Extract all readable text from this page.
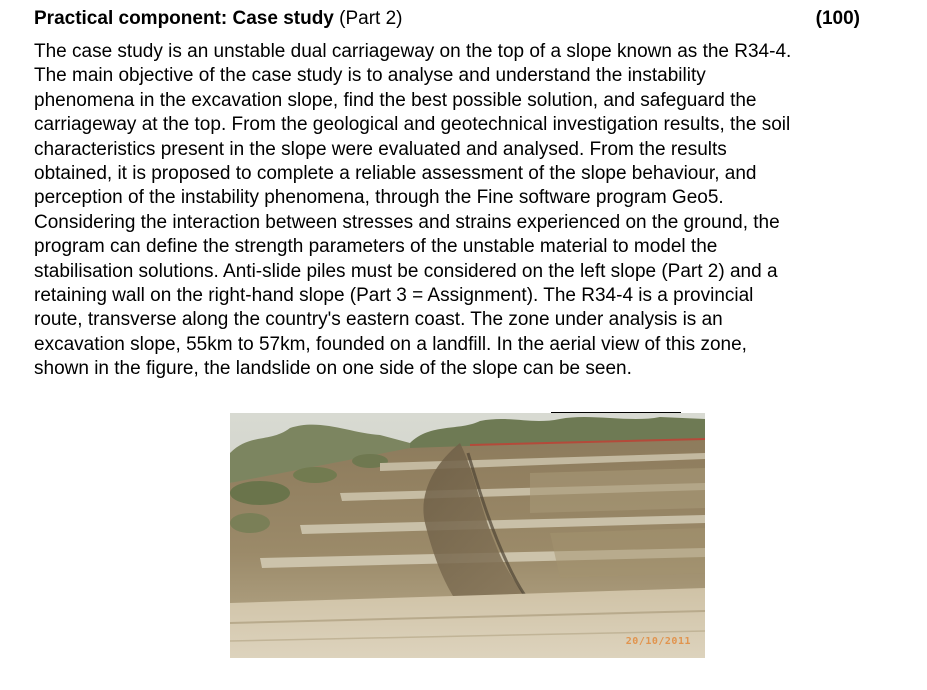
Practical component: Case study (Part 2)	(100)
The case study is an unstable dual carriageway on the top of a slope known as the R34-4.
The main objective of the case study is to analyse and understand the instability
phenomena in the excavation slope, find the best possible solution, and safeguard the
carriageway at the top. From the geological and geotechnical investigation results, the soil
characteristics present in the slope were evaluated and analysed. From the results
obtained, it is proposed to complete a reliable assessment of the slope behaviour, and
perception of the instability phenomena, through the Fine software program Geo5.
Considering the interaction between stresses and strains experienced on the ground, the
program can define the strength parameters of the unstable material to model the
stabilisation solutions. Anti-slide piles must be considered on the left slope (Part 2) and a
retaining wall on the right-hand slope (Part 3 = Assignment). The R34-4 is a provincial
route, transverse along the country's eastern coast. The zone under analysis is an
excavation slope, 55km to 57km, founded on a landfill. In the aerial view of this zone,
shown in the figure, the landslide on one side of the slope can be seen.
20/10/2011
